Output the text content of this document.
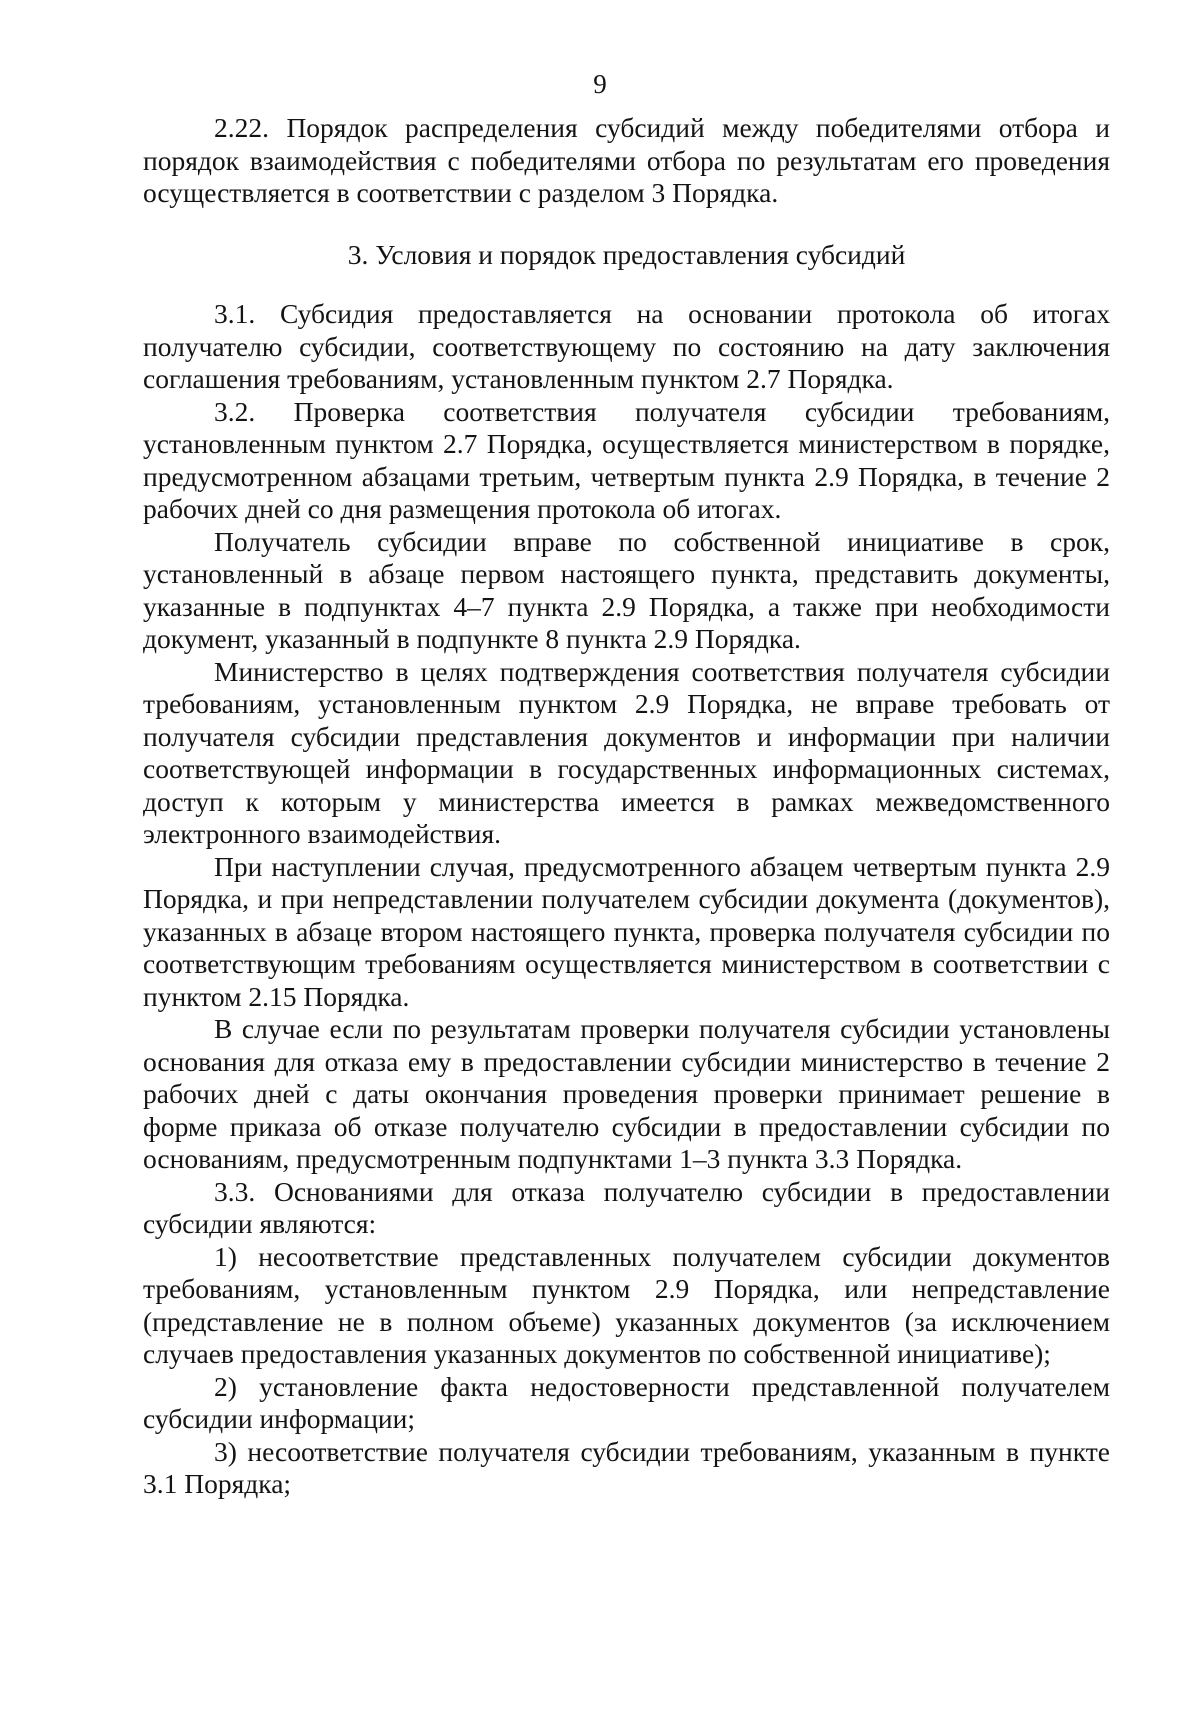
9

2.22. Порядок распределения субсидий между победителями отбора и порядок взаимодействия с победителями отбора по результатам его проведения осуществляется в соответствии с разделом 3 Порядка.

3. Условия и порядок предоставления субсидий

3.1. Субсидия предоставляется на основании протокола об итогах получателю субсидии, соответствующему по состоянию на дату заключения соглашения требованиям, установленным пунктом 2.7 Порядка.

3.2. Проверка соответствия получателя субсидии требованиям, установленным пунктом 2.7 Порядка, осуществляется министерством в порядке, предусмотренном абзацами третьим, четвертым пункта 2.9 Порядка, в течение 2 рабочих дней со дня размещения протокола об итогах.

Получатель субсидии вправе по собственной инициативе в срок, установленный в абзаце первом настоящего пункта, представить документы, указанные в подпунктах 4–7 пункта 2.9 Порядка, а также при необходимости документ, указанный в подпункте 8 пункта 2.9 Порядка.

Министерство в целях подтверждения соответствия получателя субсидии требованиям, установленным пунктом 2.9 Порядка, не вправе требовать от получателя субсидии представления документов и информации при наличии соответствующей информации в государственных информационных системах, доступ к которым у министерства имеется в рамках межведомственного электронного взаимодействия.

При наступлении случая, предусмотренного абзацем четвертым пункта 2.9 Порядка, и при непредставлении получателем субсидии документа (документов), указанных в абзаце втором настоящего пункта, проверка получателя субсидии по соответствующим требованиям осуществляется министерством в соответствии с пунктом 2.15 Порядка.

В случае если по результатам проверки получателя субсидии установлены основания для отказа ему в предоставлении субсидии министерство в течение 2 рабочих дней с даты окончания проведения проверки принимает решение в форме приказа об отказе получателю субсидии в предоставлении субсидии по основаниям, предусмотренным подпунктами 1–3 пункта 3.3 Порядка.

3.3. Основаниями для отказа получателю субсидии в предоставлении субсидии являются:

1) несоответствие представленных получателем субсидии документов требованиям, установленным пунктом 2.9 Порядка, или непредставление (представление не в полном объеме) указанных документов (за исключением случаев предоставления указанных документов по собственной инициативе);

2) установление факта недостоверности представленной получателем субсидии информации;

3) несоответствие получателя субсидии требованиям, указанным в пункте 3.1 Порядка;
